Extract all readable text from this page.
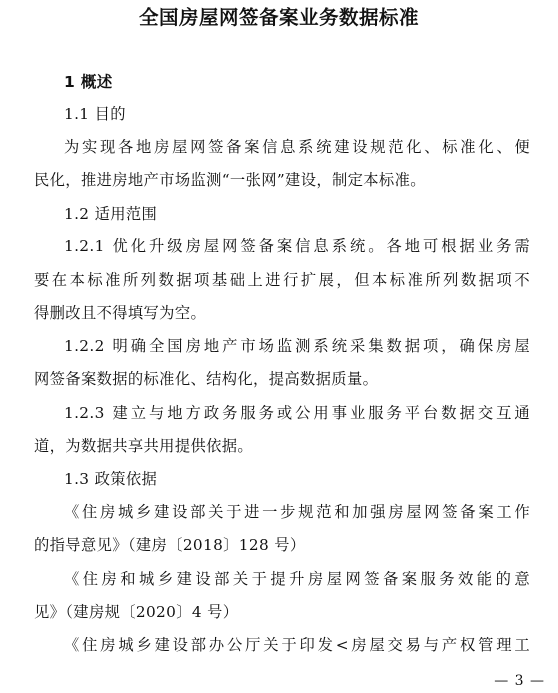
全国房屋网签备案业务数据标准
1 概述
1.1 目的
为实现各地房屋网签备案信息系统建设规范化、标准化、便
民化，推进房地产市场监测“一张网”建设，制定本标准。
1.2 适用范围
1.2.1 优化升级房屋网签备案信息系统。各地可根据业务需
要在本标准所列数据项基础上进行扩展，但本标准所列数据项不
得删改且不得填写为空。
1.2.2 明确全国房地产市场监测系统采集数据项，确保房屋
网签备案数据的标准化、结构化，提高数据质量。
1.2.3 建立与地方政务服务或公用事业服务平台数据交互通
道，为数据共享共用提供依据。
1.3 政策依据
《住房城乡建设部关于进一步规范和加强房屋网签备案工作
的指导意见》（建房〔2018〕128 号）
《住房和城乡建设部关于提升房屋网签备案服务效能的意
见》（建房规〔2020〕4 号）
《住房城乡建设部办公厅关于印发<房屋交易与产权管理工
— 3 —
